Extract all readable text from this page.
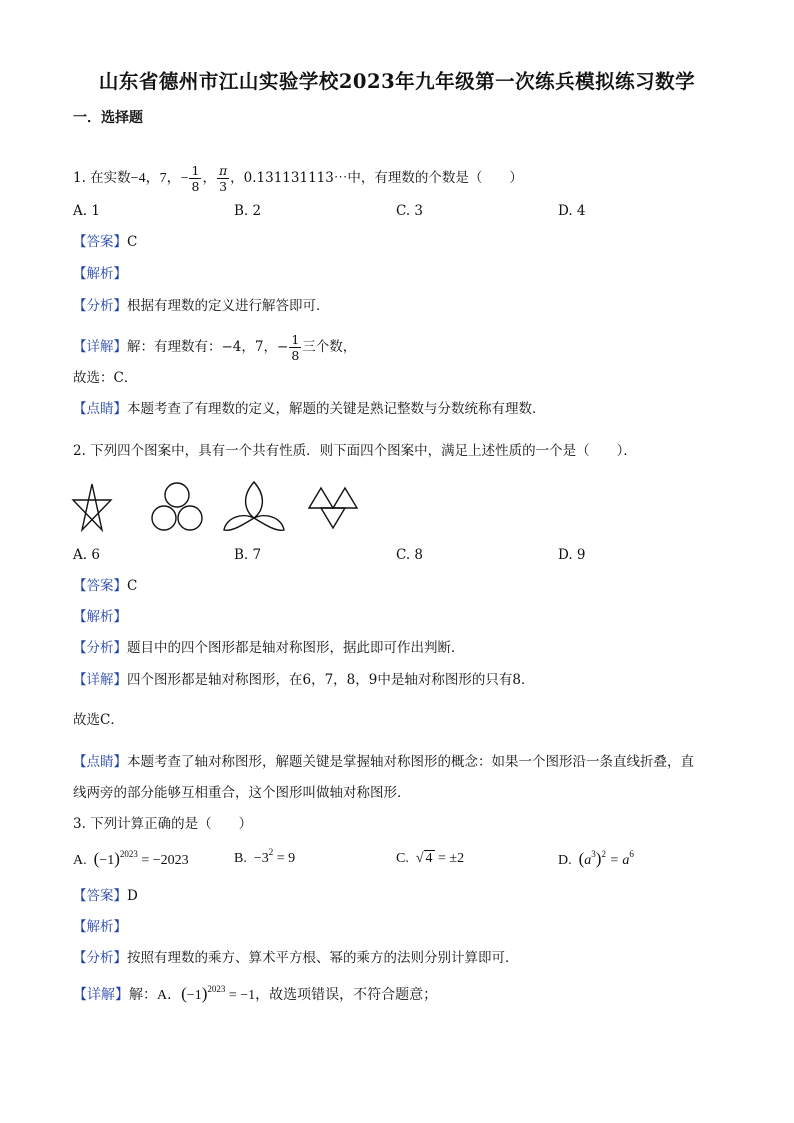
山东省德州市江山实验学校2023年九年级第一次练兵模拟练习数学
一．选择题
1. 在实数−4，7，− $\frac{1}{8}$ ， $\frac{\pi}{3}$ ，0.131131113⋯中，有理数的个数是（　　）
A. 1	B. 2	C. 3	D. 4
【答案】C
【解析】
【分析】根据有理数的定义进行解答即可．
【详解】解：有理数有：−4，7，− $\frac{1}{8}$ 三个数，
故选：C．
【点睛】本题考查了有理数的定义，解题的关键是熟记整数与分数统称有理数．
2. 下列四个图案中，具有一个共有性质．则下面四个图案中，满足上述性质的一个是（　　）．
A. 6	B. 7	C. 8	D. 9
【答案】C
【解析】
【分析】题目中的四个图形都是轴对称图形，据此即可作出判断．
【详解】四个图形都是轴对称图形，在6，7，8，9中是轴对称图形的只有8．
故选C．
【点睛】本题考查了轴对称图形，解题关键是掌握轴对称图形的概念：如果一个图形沿一条直线折叠，直
线两旁的部分能够互相重合，这个图形叫做轴对称图形．
3. 下列计算正确的是（　　）
A. $(-1)^{2023} = -2023$	B. $-3^2 = 9$	C.  √ 4 = ±2	D. $(a^3)^2 = a^6$
【答案】D
【解析】
【分析】按照有理数的乘方、算术平方根、幂的乘方的法则分别计算即可．
【详解】解：A．$(-1)^{2023} = -1$，故选项错误，不符合题意；
